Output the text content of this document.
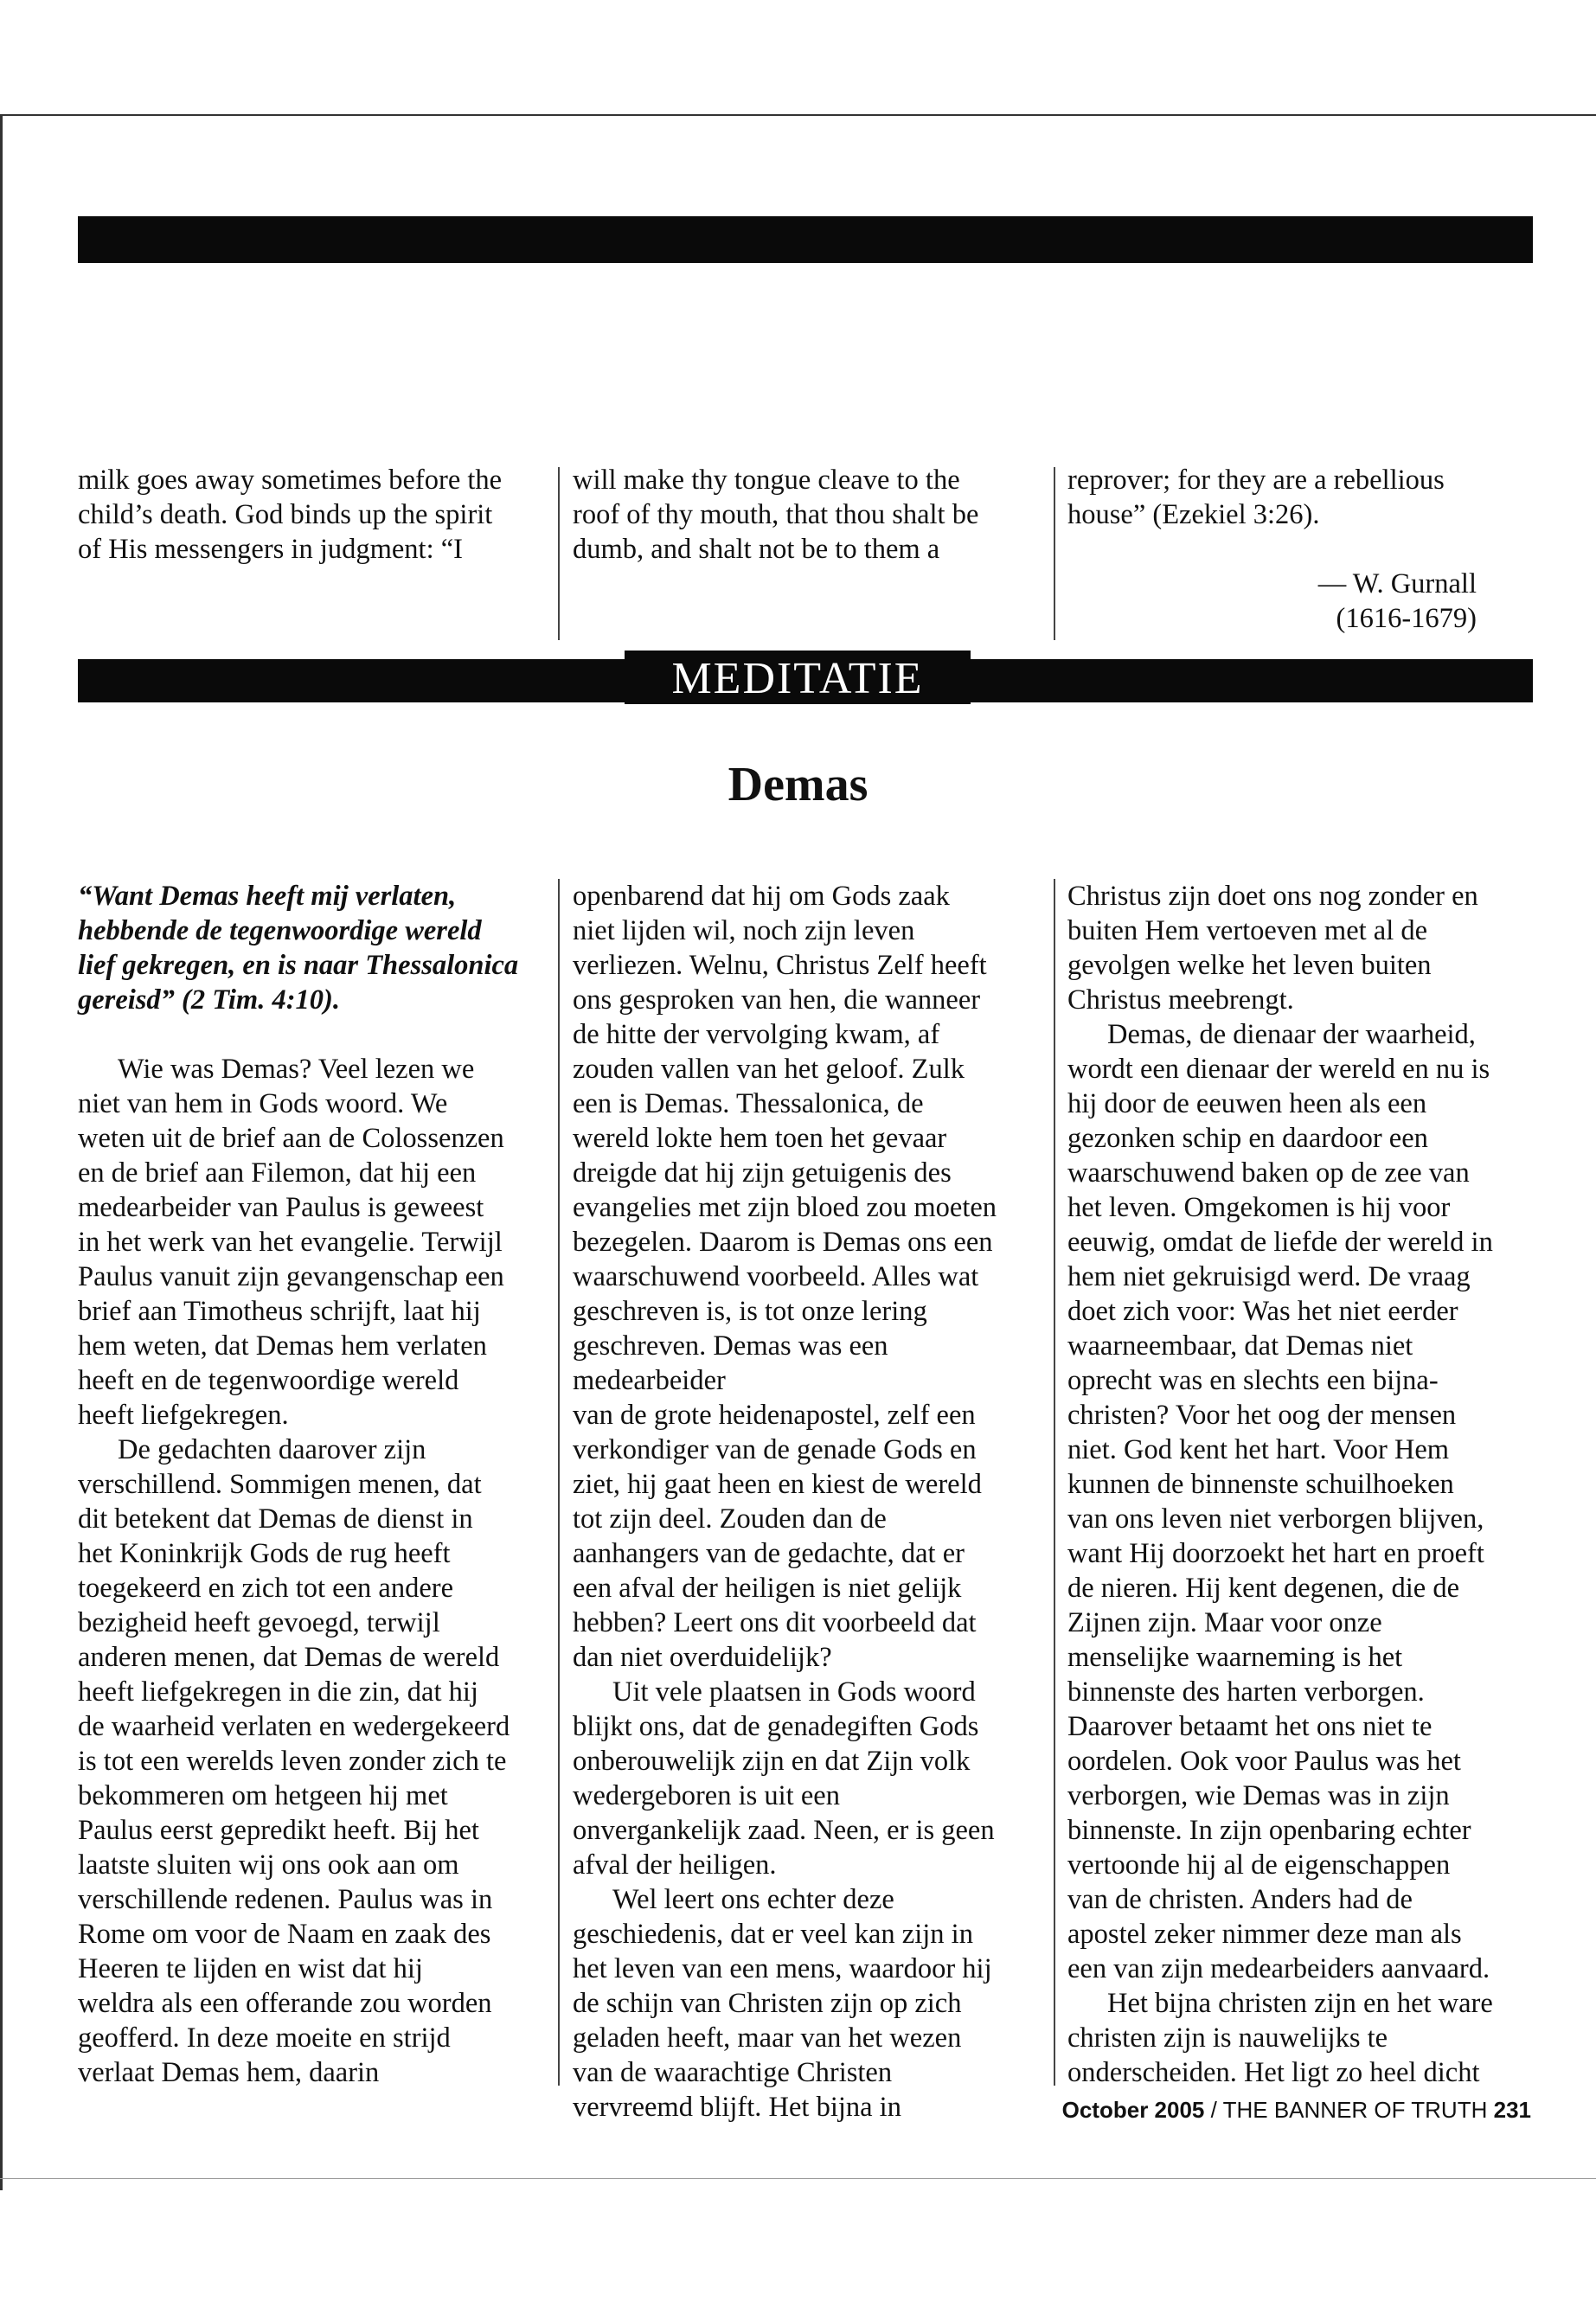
milk goes away sometimes before the
child’s death. God binds up the spirit
of His messengers in judgment: “I

will make thy tongue cleave to the
roof of thy mouth, that thou shalt be
dumb, and shalt not be to them a

reprover; for they are a rebellious
house” (Ezekiel 3:26).

— W. Gurnall
(1616-1679)
MEDITATIE
Demas

“Want Demas heeft mij verlaten,
hebbende de tegenwoordige wereld
lief gekregen, en is naar Thessalonica
gereisd” (2 Tim. 4:10).

Wie was Demas? Veel lezen we
niet van hem in Gods woord. We
weten uit de brief aan de Colossenzen
en de brief aan Filemon, dat hij een
medearbeider van Paulus is geweest
in het werk van het evangelie. Terwijl
Paulus vanuit zijn gevangenschap een
brief aan Timotheus schrijft, laat hij
hem weten, dat Demas hem verlaten
heeft en de tegenwoordige wereld
heeft liefgekregen.

De gedachten daarover zijn
verschillend. Sommigen menen, dat
dit betekent dat Demas de dienst in
het Koninkrijk Gods de rug heeft
toegekeerd en zich tot een andere
bezigheid heeft gevoegd, terwijl
anderen menen, dat Demas de wereld
heeft liefgekregen in die zin, dat hij
de waarheid verlaten en wedergekeerd
is tot een werelds leven zonder zich te
bekommeren om hetgeen hij met
Paulus eerst gepredikt heeft. Bij het
laatste sluiten wij ons ook aan om
verschillende redenen. Paulus was in
Rome om voor de Naam en zaak des
Heeren te lijden en wist dat hij
weldra als een offerande zou worden
geofferd. In deze moeite en strijd
verlaat Demas hem, daarin

openbarend dat hij om Gods zaak
niet lijden wil, noch zijn leven
verliezen. Welnu, Christus Zelf heeft
ons gesproken van hen, die wanneer
de hitte der vervolging kwam, af
zouden vallen van het geloof. Zulk
een is Demas. Thessalonica, de
wereld lokte hem toen het gevaar
dreigde dat hij zijn getuigenis des
evangelies met zijn bloed zou moeten
bezegelen. Daarom is Demas ons een
waarschuwend voorbeeld. Alles wat
geschreven is, is tot onze lering
geschreven. Demas was een medearbeider
van de grote heidenapostel, zelf een
verkondiger van de genade Gods en
ziet, hij gaat heen en kiest de wereld
tot zijn deel. Zouden dan de
aanhangers van de gedachte, dat er
een afval der heiligen is niet gelijk
hebben? Leert ons dit voorbeeld dat
dan niet overduidelijk?

Uit vele plaatsen in Gods woord
blijkt ons, dat de genadegiften Gods
onberouwelijk zijn en dat Zijn volk
wedergeboren is uit een
onvergankelijk zaad. Neen, er is geen
afval der heiligen.

Wel leert ons echter deze
geschiedenis, dat er veel kan zijn in
het leven van een mens, waardoor hij
de schijn van Christen zijn op zich
geladen heeft, maar van het wezen
van de waarachtige Christen
vervreemd blijft. Het bijna in

Christus zijn doet ons nog zonder en
buiten Hem vertoeven met al de
gevolgen welke het leven buiten
Christus meebrengt.

Demas, de dienaar der waarheid,
wordt een dienaar der wereld en nu is
hij door de eeuwen heen als een
gezonken schip en daardoor een
waarschuwend baken op de zee van
het leven. Omgekomen is hij voor
eeuwig, omdat de liefde der wereld in
hem niet gekruisigd werd. De vraag
doet zich voor: Was het niet eerder
waarneembaar, dat Demas niet
oprecht was en slechts een bijna-
christen? Voor het oog der mensen
niet. God kent het hart. Voor Hem
kunnen de binnenste schuilhoeken
van ons leven niet verborgen blijven,
want Hij doorzoekt het hart en proeft
de nieren. Hij kent degenen, die de
Zijnen zijn. Maar voor onze
menselijke waarneming is het
binnenste des harten verborgen.
Daarover betaamt het ons niet te
oordelen. Ook voor Paulus was het
verborgen, wie Demas was in zijn
binnenste. In zijn openbaring echter
vertoonde hij al de eigenschappen
van de christen. Anders had de
apostel zeker nimmer deze man als
een van zijn medearbeiders aanvaard.

Het bijna christen zijn en het ware
christen zijn is nauwelijks te
onderscheiden. Het ligt zo heel dicht

October 2005 / THE BANNER OF TRUTH 231
